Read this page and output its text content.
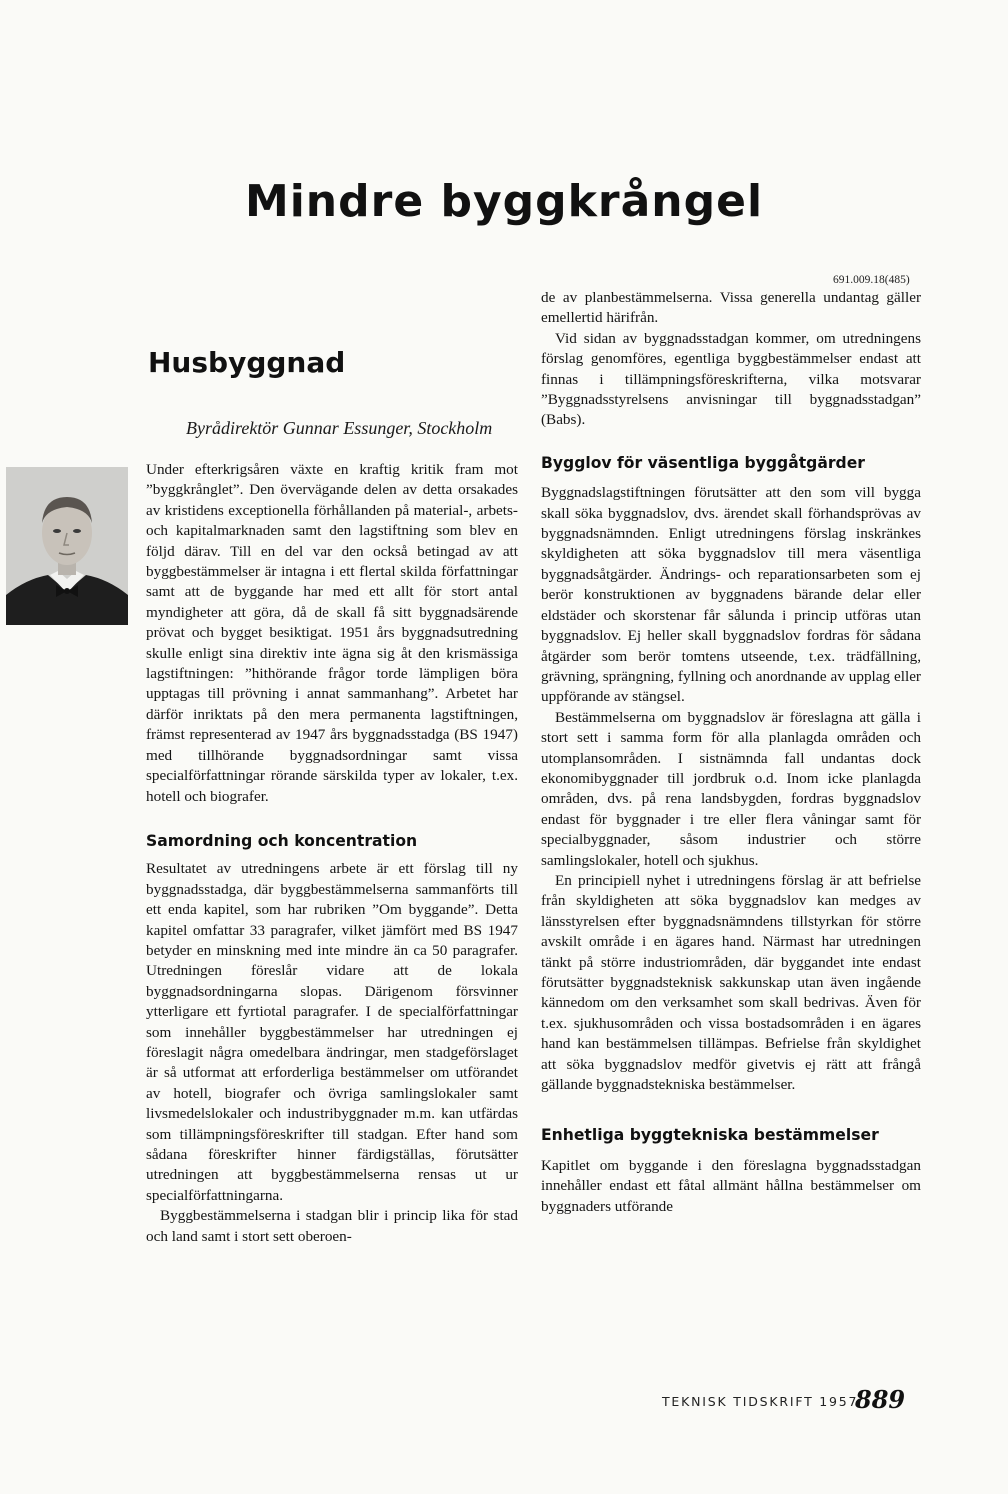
Mindre byggkrångel
Husbyggnad

Byrådirektör Gunnar Essunger, Stockholm

Under efterkrigsåren växte en kraftig kritik fram mot ”byggkrånglet”. Den övervägande delen av detta orsakades av kristidens exceptionella förhållanden på material-, arbets- och kapitalmarknaden samt den lagstiftning som blev en följd därav. Till en del var den också betingad av att byggbestämmelser är intagna i ett flertal skilda författningar samt att de byggande har med ett allt för stort antal myndigheter att göra, då de skall få sitt byggnadsärende prövat och bygget besiktigat. 1951 års byggnadsutredning skulle enligt sina direktiv inte ägna sig åt den krismässiga lagstiftningen: ”hithörande frågor torde lämpligen böra upptagas till prövning i annat sammanhang”. Arbetet har därför inriktats på den mera permanenta lagstiftningen, främst representerad av 1947 års byggnadsstadga (BS 1947) med tillhörande byggnadsordningar samt vissa specialförfattningar rörande särskilda typer av lokaler, t.ex. hotell och biografer.

Samordning och koncentration

Resultatet av utredningens arbete är ett förslag till ny byggnadsstadga, där byggbestämmelserna sammanförts till ett enda kapitel, som har rubriken ”Om byggande”. Detta kapitel omfattar 33 paragrafer, vilket jämfört med BS 1947 betyder en minskning med inte mindre än ca 50 paragrafer. Utredningen föreslår vidare att de lokala byggnadsordningarna slopas. Därigenom försvinner ytterligare ett fyrtiotal paragrafer. I de specialförfattningar som innehåller byggbestämmelser har utredningen ej föreslagit några omedelbara ändringar, men stadgeförslaget är så utformat att erforderliga bestämmelser om utförandet av hotell, biografer och övriga samlingslokaler samt livsmedelslokaler och industribyggnader m.m. kan utfärdas som tillämpningsföreskrifter till stadgan. Efter hand som sådana föreskrifter hinner färdigställas, förutsätter utredningen att byggbestämmelserna rensas ut ur specialförfattningarna.

Byggbestämmelserna i stadgan blir i princip lika för stad och land samt i stort sett oberoen-

691.009.18(485)

de av planbestämmelserna. Vissa generella undantag gäller emellertid härifrån.

Vid sidan av byggnadsstadgan kommer, om utredningens förslag genomföres, egentliga byggbestämmelser endast att finnas i tillämpningsföreskrifterna, vilka motsvarar ”Byggnadsstyrelsens anvisningar till byggnadsstadgan” (Babs).

Bygglov för väsentliga byggåtgärder

Byggnadslagstiftningen förutsätter att den som vill bygga skall söka byggnadslov, dvs. ärendet skall förhandsprövas av byggnadsnämnden. Enligt utredningens förslag inskränkes skyldigheten att söka byggnadslov till mera väsentliga byggnadsåtgärder. Ändrings- och reparationsarbeten som ej berör konstruktionen av byggnadens bärande delar eller eldstäder och skorstenar får sålunda i princip utföras utan byggnadslov. Ej heller skall byggnadslov fordras för sådana åtgärder som berör tomtens utseende, t.ex. trädfällning, grävning, sprängning, fyllning och anordnande av upplag eller uppförande av stängsel.

Bestämmelserna om byggnadslov är föreslagna att gälla i stort sett i samma form för alla planlagda områden och utomplansområden. I sistnämnda fall undantas dock ekonomibyggnader till jordbruk o.d. Inom icke planlagda områden, dvs. på rena landsbygden, fordras byggnadslov endast för byggnader i tre eller flera våningar samt för specialbyggnader, såsom industrier och större samlingslokaler, hotell och sjukhus.

En principiell nyhet i utredningens förslag är att befrielse från skyldigheten att söka byggnadslov kan medges av länsstyrelsen efter byggnadsnämndens tillstyrkan för större avskilt område i en ägares hand. Närmast har utredningen tänkt på större industriområden, där byggandet inte endast förutsätter byggnadsteknisk sakkunskap utan även ingående kännedom om den verksamhet som skall bedrivas. Även för t.ex. sjukhusområden och vissa bostadsområden i en ägares hand kan bestämmelsen tillämpas. Befrielse från skyldighet att söka byggnadslov medför givetvis ej rätt att frångå gällande byggnadstekniska bestämmelser.

Enhetliga byggtekniska bestämmelser

Kapitlet om byggande i den föreslagna byggnadsstadgan innehåller endast ett fåtal allmänt hållna bestämmelser om byggnaders utförande

TEKNISK TIDSKRIFT 1957
889
